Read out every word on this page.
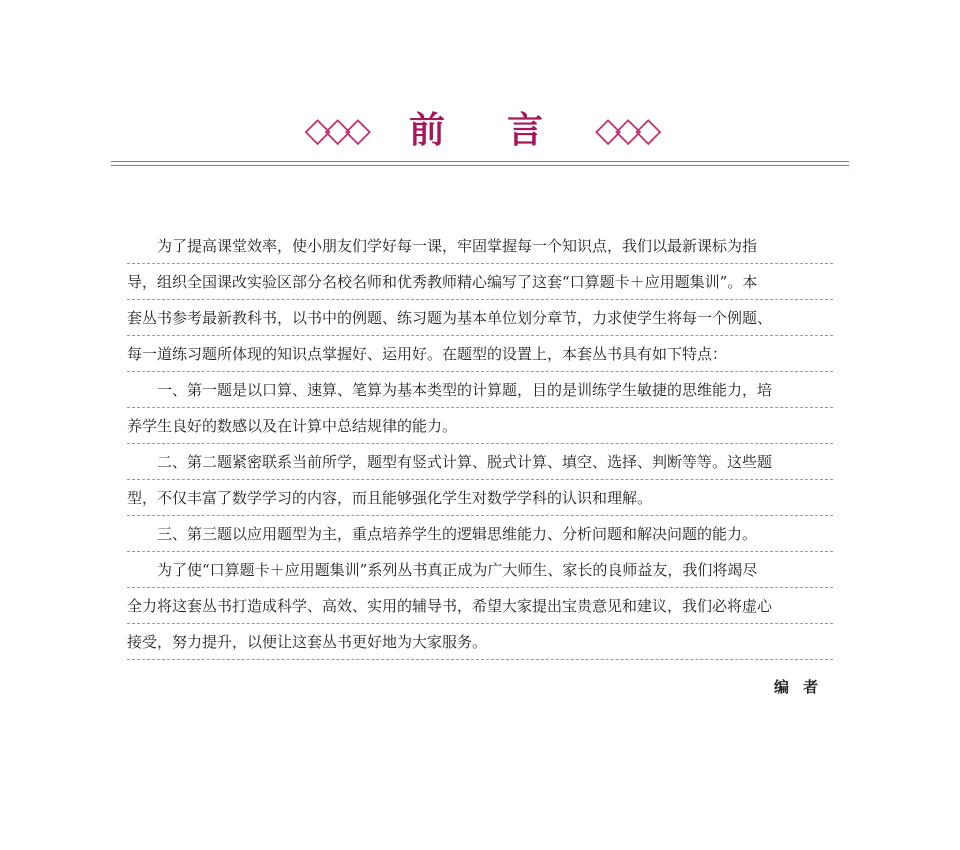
◇◇◇ 前言◇◇◇
为了提高课堂效率，使小朋友们学好每一课，牢固掌握每一个知识点，我们以最新课标为指
导，组织全国课改实验区部分名校名师和优秀教师精心编写了这套“口算题卡＋应用题集训”。本
套丛书参考最新教科书，以书中的例题、练习题为基本单位划分章节，力求使学生将每一个例题、
每一道练习题所体现的知识点掌握好、运用好。在题型的设置上，本套丛书具有如下特点：
一、第一题是以口算、速算、笔算为基本类型的计算题，目的是训练学生敏捷的思维能力，培
养学生良好的数感以及在计算中总结规律的能力。
二、第二题紧密联系当前所学，题型有竖式计算、脱式计算、填空、选择、判断等等。这些题
型，不仅丰富了数学学习的内容，而且能够强化学生对数学学科的认识和理解。
三、第三题以应用题型为主，重点培养学生的逻辑思维能力、分析问题和解决问题的能力。
为了使“口算题卡＋应用题集训”系列丛书真正成为广大师生、家长的良师益友，我们将竭尽
全力将这套丛书打造成科学、高效、实用的辅导书，希望大家提出宝贵意见和建议，我们必将虚心
接受，努力提升，以便让这套丛书更好地为大家服务。
编者
